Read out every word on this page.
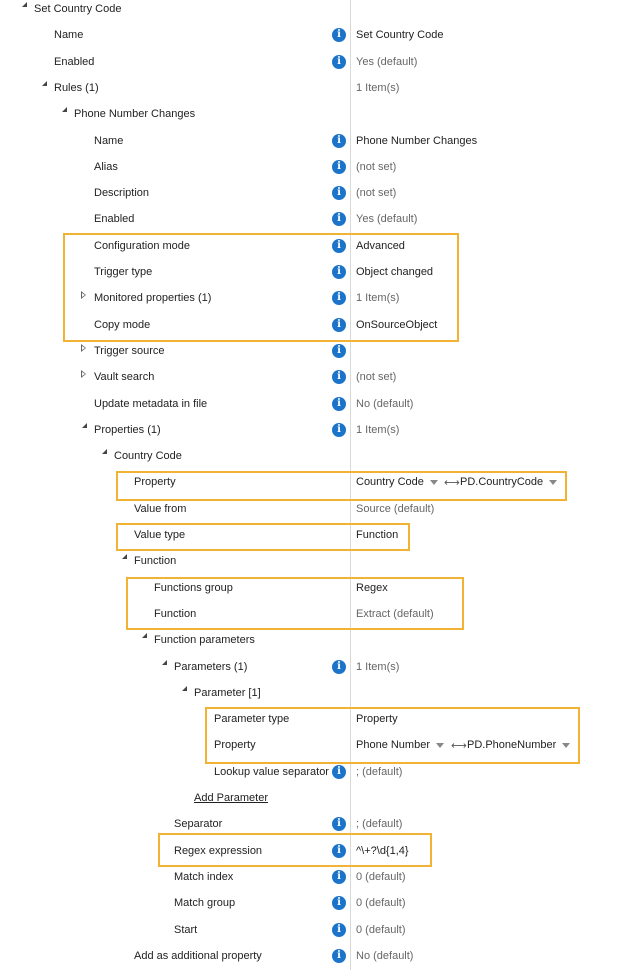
Set Country Code
Name	i	Set Country Code
Enabled	i	Yes (default)
Rules (1)	1 Item(s)
Phone Number Changes
Name	i	Phone Number Changes
Alias	i	(not set)
Description	i	(not set)
Enabled	i	Yes (default)
Configuration mode	i	Advanced
Trigger type	i	Object changed
Monitored properties (1)	i	1 Item(s)
Copy mode	i	OnSourceObject
Trigger source	i
Vault search	i	(not set)
Update metadata in file	i	No (default)
Properties (1)	i	1 Item(s)
Country Code
Property	Country Code	⟷ PD.CountryCode
Value from	Source (default)
Value type	Function
Function
Functions group	Regex
Function	Extract (default)
Function parameters
Parameters (1)	i	1 Item(s)
Parameter [1]
Parameter type	Property
Property	Phone Number	⟷ PD.PhoneNumber
Lookup value separator i	; (default)
Add Parameter
Separator	i	; (default)
Regex expression	i	^\+?\d{1,4}
Match index	i	0 (default)
Match group	i	0 (default)
Start	i	0 (default)
Add as additional property	i	No (default)
